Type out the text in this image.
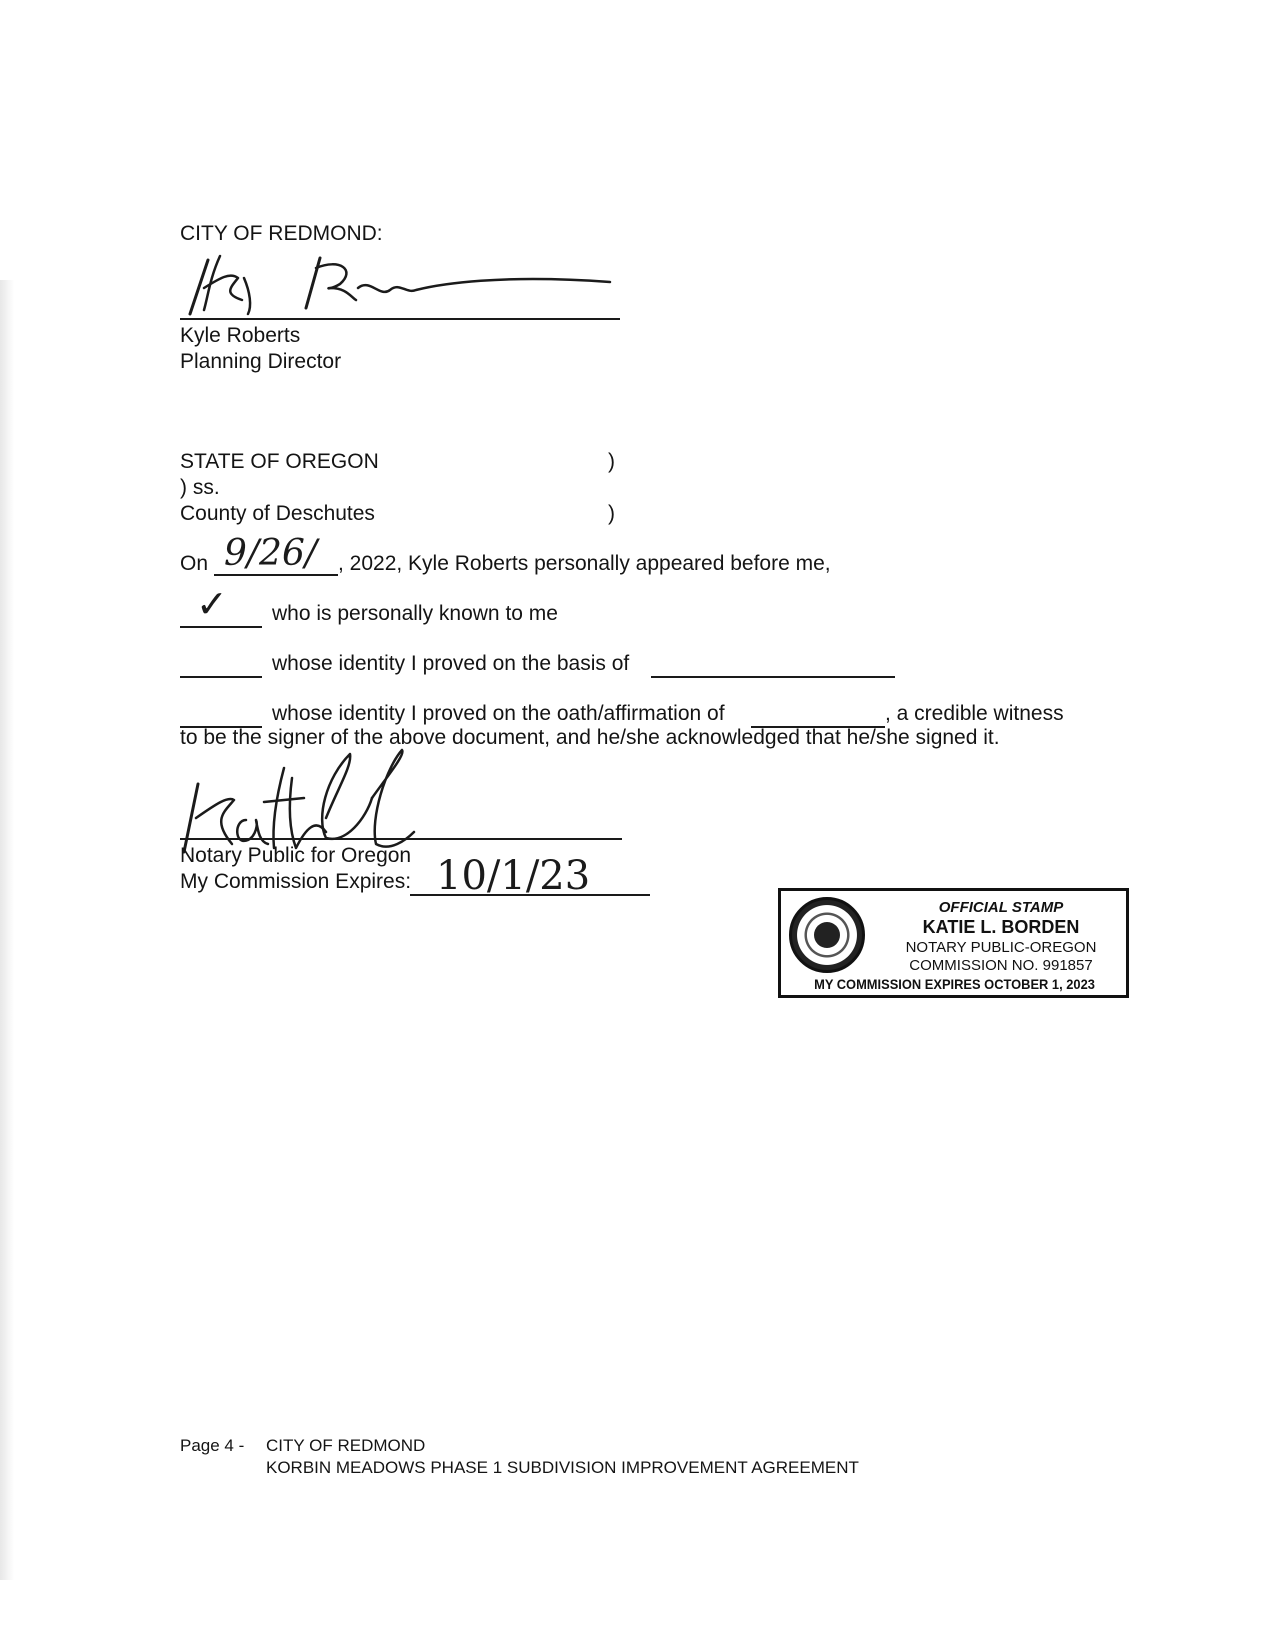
CITY OF REDMOND:
Kyle Roberts
Planning Director
STATE OF OREGON	)
) ss.
County of Deschutes	)
On 9/26/ , 2022, Kyle Roberts personally appeared before me,
✓ who is personally known to me
whose identity I proved on the basis of
whose identity I proved on the oath/affirmation of	, a credible witness
to be the signer of the above document, and he/she acknowledged that he/she signed it.
Notary Public for Oregon
My Commission Expires: 10/1/23
OFFICIAL STAMP
KATIE L. BORDEN
NOTARY PUBLIC-OREGON
COMMISSION NO. 991857
MY COMMISSION EXPIRES OCTOBER 1, 2023
Page 4 - CITY OF REDMOND
KORBIN MEADOWS PHASE 1 SUBDIVISION IMPROVEMENT AGREEMENT
